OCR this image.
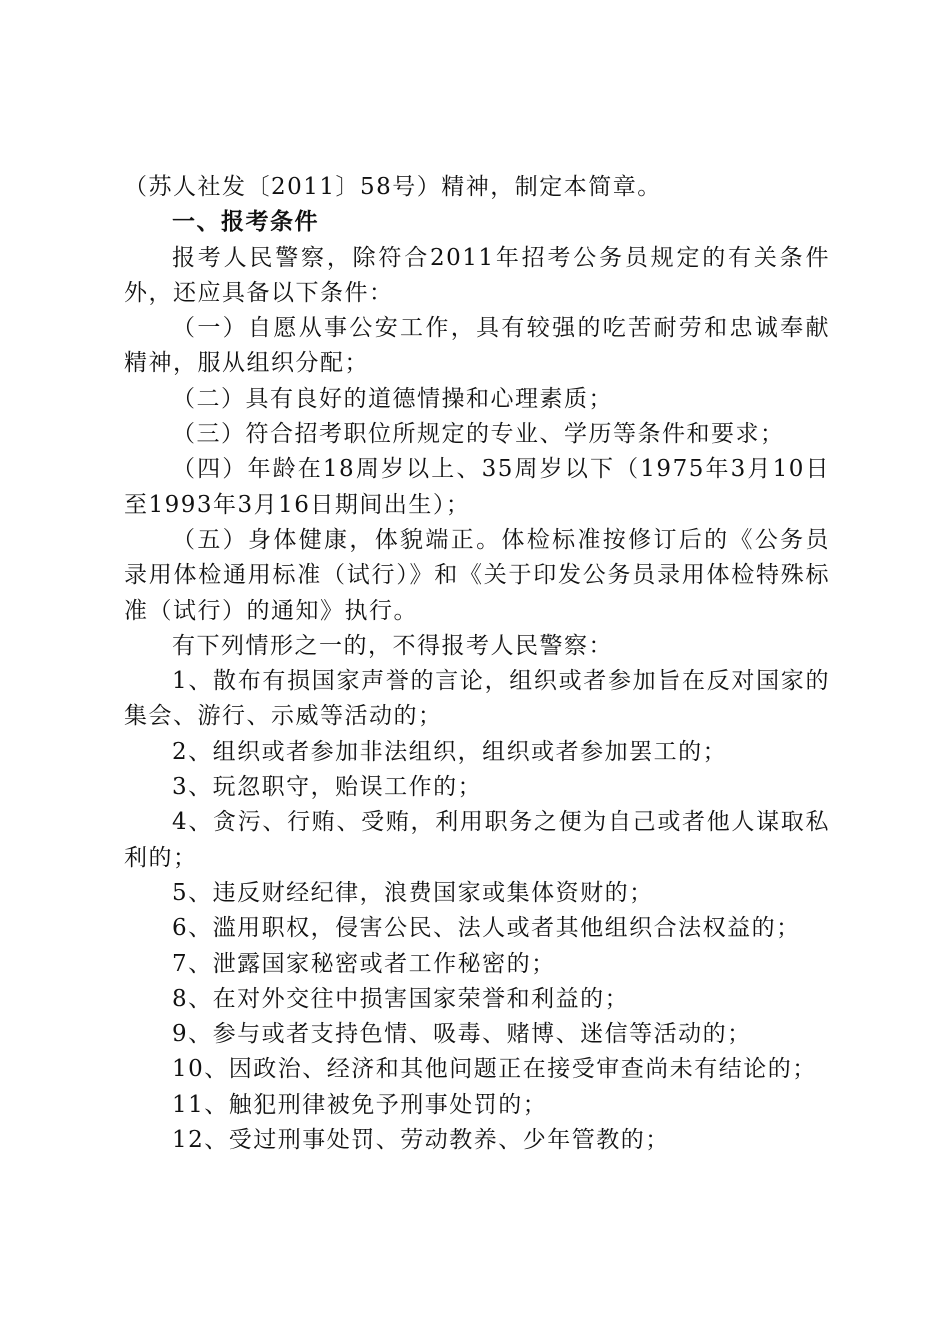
（苏人社发〔2011〕58号）精神，制定本简章。

一、报考条件

报考人民警察，除符合2011年招考公务员规定的有关条件外，还应具备以下条件：

（一）自愿从事公安工作，具有较强的吃苦耐劳和忠诚奉献精神，服从组织分配；

（二）具有良好的道德情操和心理素质；

（三）符合招考职位所规定的专业、学历等条件和要求；

（四）年龄在18周岁以上、35周岁以下（1975年3月10日至1993年3月16日期间出生）；

（五）身体健康，体貌端正。体检标准按修订后的《公务员录用体检通用标准（试行）》和《关于印发公务员录用体检特殊标准（试行）的通知》执行。

有下列情形之一的，不得报考人民警察：

1、散布有损国家声誉的言论，组织或者参加旨在反对国家的集会、游行、示威等活动的；

2、组织或者参加非法组织，组织或者参加罢工的；

3、玩忽职守，贻误工作的；

4、贪污、行贿、受贿，利用职务之便为自己或者他人谋取私利的；

5、违反财经纪律，浪费国家或集体资财的；

6、滥用职权，侵害公民、法人或者其他组织合法权益的；

7、泄露国家秘密或者工作秘密的；

8、在对外交往中损害国家荣誉和利益的；

9、参与或者支持色情、吸毒、赌博、迷信等活动的；

10、因政治、经济和其他问题正在接受审查尚未有结论的；

11、触犯刑律被免予刑事处罚的；

12、受过刑事处罚、劳动教养、少年管教的；
